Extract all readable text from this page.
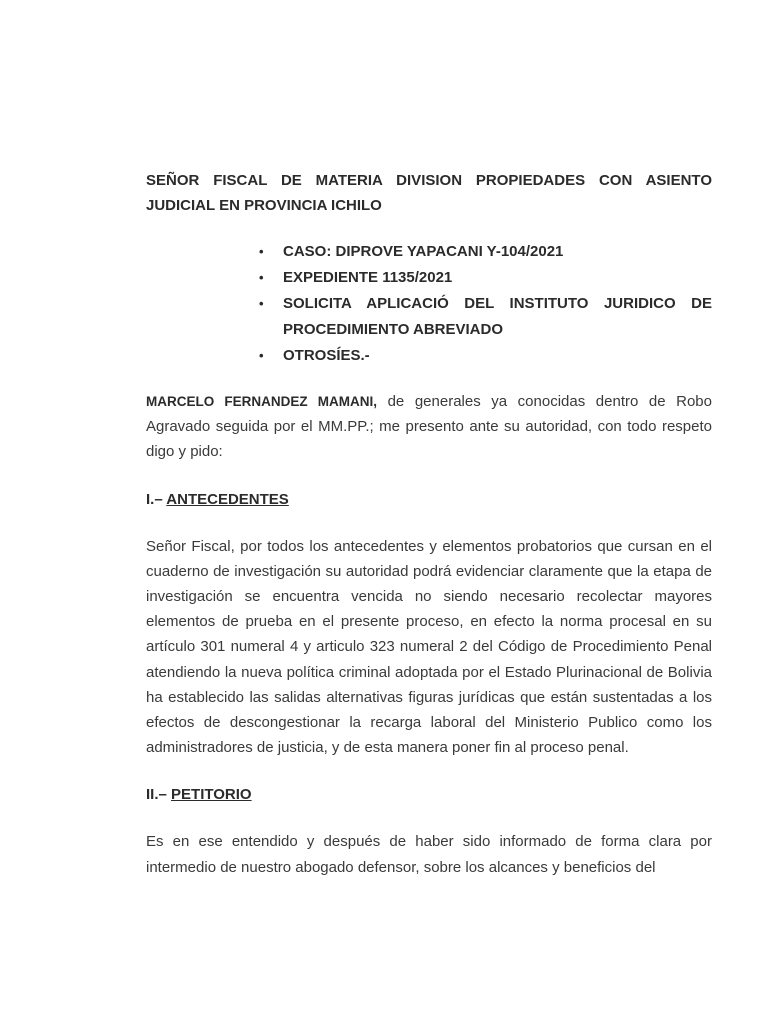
SEÑOR FISCAL DE MATERIA DIVISION PROPIEDADES CON ASIENTO JUDICIAL EN PROVINCIA ICHILO

• CASO: DIPROVE YAPACANI Y-104/2021
• EXPEDIENTE 1135/2021
• SOLICITA APLICACIÓ DEL INSTITUTO JURIDICO DE PROCEDIMIENTO ABREVIADO
• OTROSÍES.-

MARCELO FERNANDEZ MAMANI, de generales ya conocidas dentro de Robo Agravado seguida por el MM.PP.; me presento ante su autoridad, con todo respeto digo y pido:

I.– ANTECEDENTES

Señor Fiscal, por todos los antecedentes y elementos probatorios que cursan en el cuaderno de investigación su autoridad podrá evidenciar claramente que la etapa de investigación se encuentra vencida no siendo necesario recolectar mayores elementos de prueba en el presente proceso, en efecto la norma procesal en su artículo 301 numeral 4 y articulo 323 numeral 2 del Código de Procedimiento Penal atendiendo la nueva política criminal adoptada por el Estado Plurinacional de Bolivia ha establecido las salidas alternativas figuras jurídicas que están sustentadas a los efectos de descongestionar la recarga laboral del Ministerio Publico como los administradores de justicia, y de esta manera poner fin al proceso penal.

II.– PETITORIO

Es en ese entendido y después de haber sido informado de forma clara por intermedio de nuestro abogado defensor, sobre los alcances y beneficios del
